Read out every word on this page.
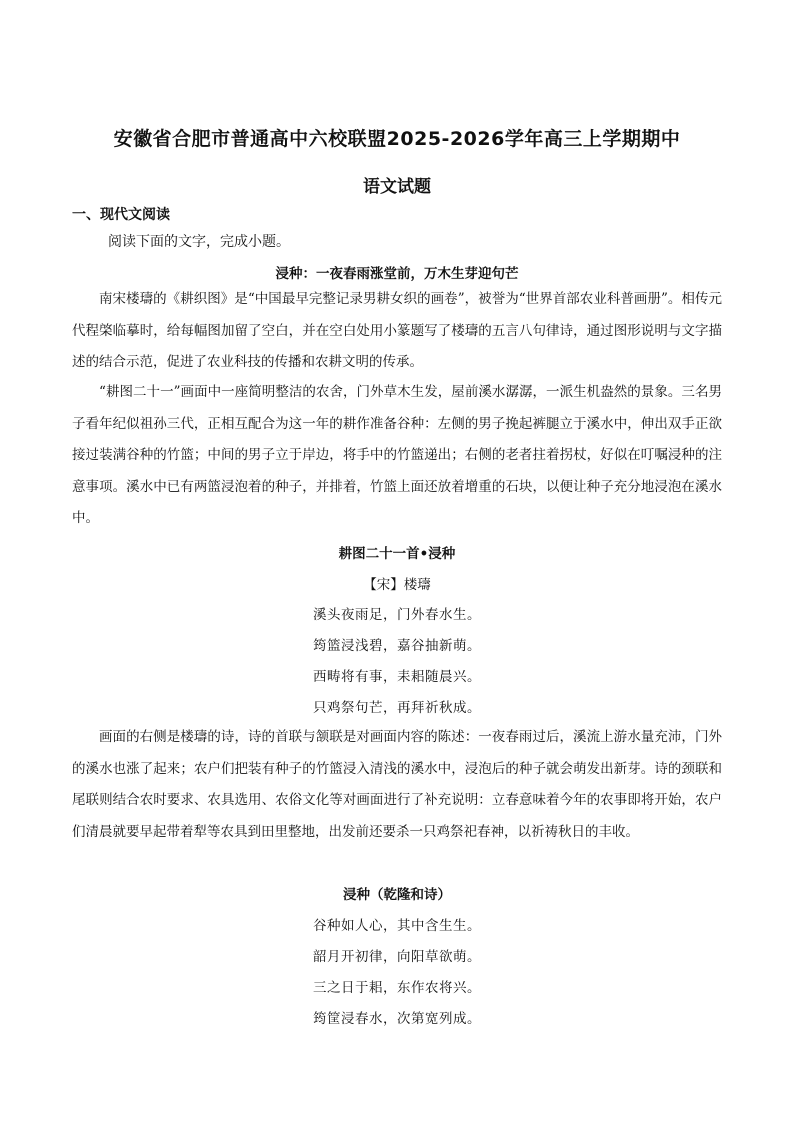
安徽省合肥市普通高中六校联盟2025-2026学年高三上学期期中
语文试题
一、现代文阅读
阅读下面的文字，完成小题。
浸种：一夜春雨涨堂前，万木生芽迎句芒

南宋楼璹的《耕织图》是“中国最早完整记录男耕女织的画卷”，被誉为“世界首部农业科普画册”。相传元代程棨临摹时，给每幅图加留了空白，并在空白处用小篆题写了楼璹的五言八句律诗，通过图形说明与文字描述的结合示范，促进了农业科技的传播和农耕文明的传承。

“耕图二十一”画面中一座简明整洁的农舍，门外草木生发，屋前溪水潺潺，一派生机盎然的景象。三名男子看年纪似祖孙三代，正相互配合为这一年的耕作准备谷种：左侧的男子挽起裤腿立于溪水中，伸出双手正欲接过装满谷种的竹篮；中间的男子立于岸边，将手中的竹篮递出；右侧的老者拄着拐杖，好似在叮嘱浸种的注意事项。溪水中已有两篮浸泡着的种子，并排着，竹篮上面还放着增重的石块，以便让种子充分地浸泡在溪水中。

耕图二十一首•浸种
【宋】楼璹
溪头夜雨足，门外春水生。
筠篮浸浅碧，嘉谷抽新萌。
西畴将有事，耒耜随晨兴。
只鸡祭句芒，再拜祈秋成。

画面的右侧是楼璹的诗，诗的首联与颔联是对画面内容的陈述：一夜春雨过后，溪流上游水量充沛，门外的溪水也涨了起来；农户们把装有种子的竹篮浸入清浅的溪水中，浸泡后的种子就会萌发出新芽。诗的颈联和尾联则结合农时要求、农具选用、农俗文化等对画面进行了补充说明：立春意味着今年的农事即将开始，农户们清晨就要早起带着犁等农具到田里整地，出发前还要杀一只鸡祭祀春神，以祈祷秋日的丰收。

浸种（乾隆和诗）
谷种如人心，其中含生生。
韶月开初律，向阳草欲萌。
三之日于耜，东作农将兴。
筠筐浸春水，次第宽列成。
